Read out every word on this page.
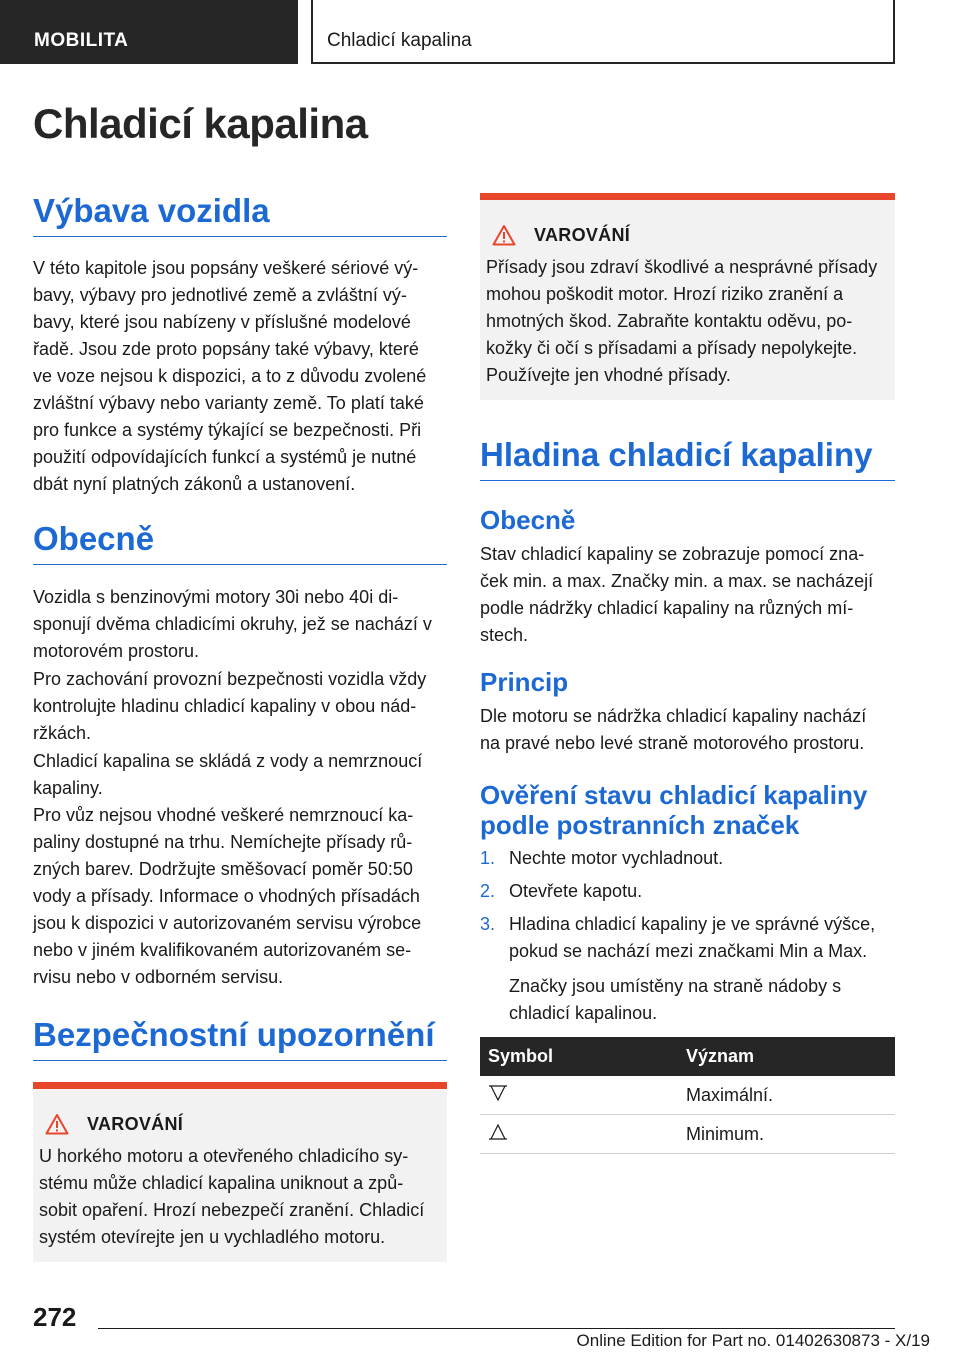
MOBILITA	Chladicí kapalina
Chladicí kapalina
Výbava vozidla
V této kapitole jsou popsány veškeré sériové vý‐
bavy, výbavy pro jednotlivé země a zvláštní vý‐
bavy, které jsou nabízeny v příslušné modelové
řadě. Jsou zde proto popsány také výbavy, které
ve voze nejsou k dispozici, a to z důvodu zvolené
zvláštní výbavy nebo varianty země. To platí také
pro funkce a systémy týkající se bezpečnosti. Při
použití odpovídajících funkcí a systémů je nutné
dbát nyní platných zákonů a ustanovení.
Obecně
Vozidla s benzinovými motory 30i nebo 40i di‐
sponují dvěma chladicími okruhy, jež se nachází v
motorovém prostoru.
Pro zachování provozní bezpečnosti vozidla vždy
kontrolujte hladinu chladicí kapaliny v obou nád‐
ržkách.
Chladicí kapalina se skládá z vody a nemrznoucí
kapaliny.
Pro vůz nejsou vhodné veškeré nemrznoucí ka‐
paliny dostupné na trhu. Nemíchejte přísady rů‐
zných barev. Dodržujte směšovací poměr 50:50
vody a přísady. Informace o vhodných přísadách
jsou k dispozici v autorizovaném servisu výrobce
nebo v jiném kvalifikovaném autorizovaném se‐
rvisu nebo v odborném servisu.
Bezpečnostní upozornění
VAROVÁNÍ
U horkého motoru a otevřeného chladicího sy‐
stému může chladicí kapalina uniknout a způ‐
sobit opaření. Hrozí nebezpečí zranění. Chladicí
systém otevírejte jen u vychladlého motoru.
VAROVÁNÍ
Přísady jsou zdraví škodlivé a nesprávné přísady
mohou poškodit motor. Hrozí riziko zranění a
hmotných škod. Zabraňte kontaktu oděvu, po‐
kožky či očí s přísadami a přísady nepolykejte.
Používejte jen vhodné přísady.
Hladina chladicí kapaliny
Obecně
Stav chladicí kapaliny se zobrazuje pomocí zna‐
ček min. a max. Značky min. a max. se nacházejí
podle nádržky chladicí kapaliny na různých mí‐
stech.
Princip
Dle motoru se nádržka chladicí kapaliny nachází
na pravé nebo levé straně motorového prostoru.
Ověření stavu chladicí kapaliny
podle postranních značek
1. Nechte motor vychladnout.
2. Otevřete kapotu.
3. Hladina chladicí kapaliny je ve správné výšce,
pokud se nachází mezi značkami Min a Max.
Značky jsou umístěny na straně nádoby s
chladicí kapalinou.
Symbol	Význam
	Maximální.
	Minimum.
272
Online Edition for Part no. 01402630873 - X/19
